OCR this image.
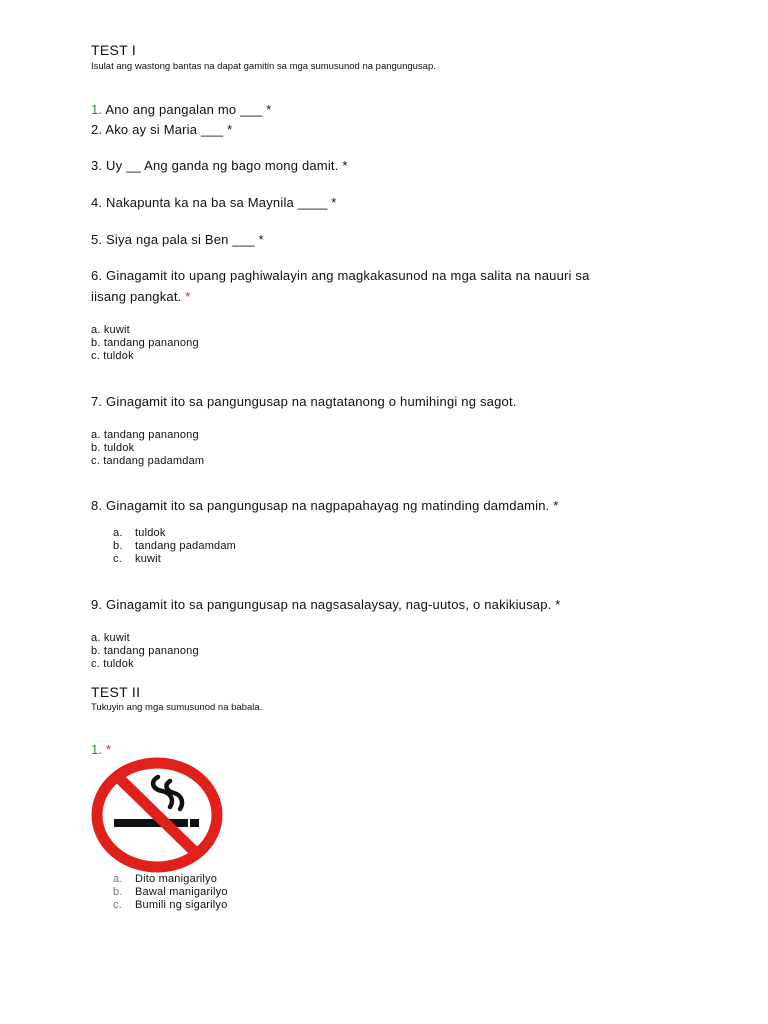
TEST I
Isulat ang wastong bantas na dapat gamitin sa mga sumusunod na pangungusap.
1. Ano ang pangalan mo ___ *
2. Ako ay si Maria ___ *
3. Uy __ Ang ganda ng bago mong damit. *
4. Nakapunta ka na ba sa Maynila ____ *
5. Siya nga pala si Ben ___ *
6. Ginagamit ito upang paghiwalayin ang magkakasunod na mga salita na nauuri sa
iisang pangkat. *
a. kuwit
b. tandang pananong
c. tuldok
7. Ginagamit ito sa pangungusap na nagtatanong o humihingi ng sagot.
a. tandang pananong
b. tuldok
c. tandang padamdam
8. Ginagamit ito sa pangungusap na nagpapahayag ng matinding damdamin. *
a. tuldok
b. tandang padamdam
c. kuwit
9. Ginagamit ito sa pangungusap na nagsasalaysay, nag-uutos, o nakikiusap. *
a. kuwit
b. tandang pananong
c. tuldok
TEST II
Tukuyin ang mga sumusunod na babala.
1. *
a. Dito manigarilyo
b. Bawal manigarilyo
c. Bumili ng sigarilyo
